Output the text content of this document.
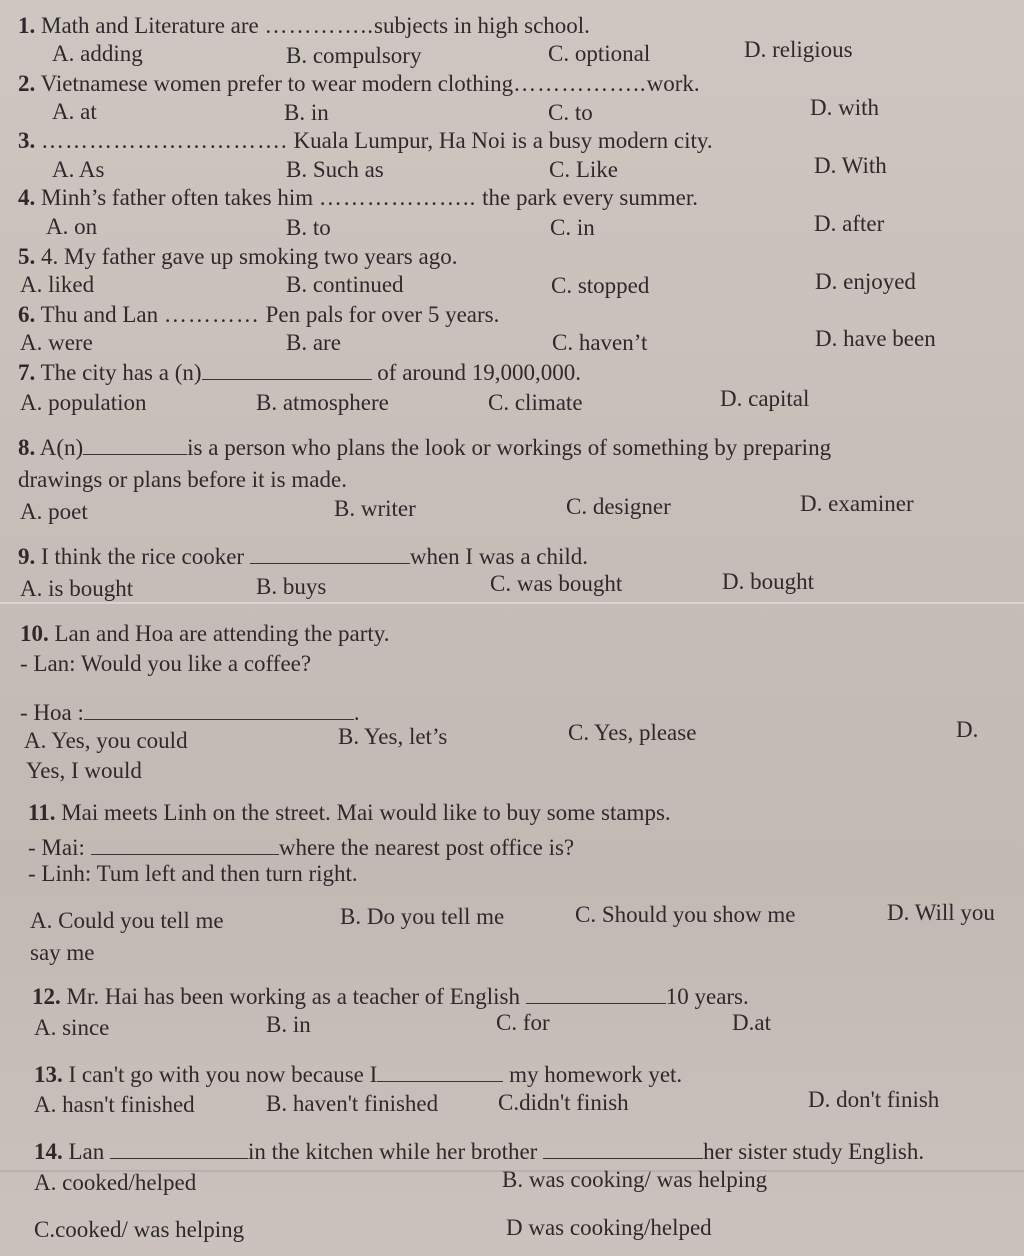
1. Math and Literature are …………..subjects in high school.
A. adding	B. compulsory	C. optional	D. religious
2. Vietnamese women prefer to wear modern clothing……………..work.
A. at	B. in	C. to	D. with
3. …………………………. Kuala Lumpur, Ha Noi is a busy modern city.
A. As	B. Such as	C. Like	D. With
4. Minh’s father often takes him ……………….. the park every summer.
A. on	B. to	C. in	D. after
5. 4. My father gave up smoking two years ago.
A. liked	B. continued	C. stopped	D. enjoyed
6. Thu and Lan ………… Pen pals for over 5 years.
A. were	B. are	C. haven’t	D. have been
7. The city has a (n)	of around 19,000,000.
A. population	B. atmosphere	C. climate	D. capital
8. A(n)	is a person who plans the look or workings of something by preparing
drawings or plans before it is made.
A. poet	B. writer	C. designer	D. examiner
9. I think the rice cooker	when I was a child.
A. is bought	B. buys	C. was bought	D. bought
10. Lan and Hoa are attending the party.
- Lan: Would you like a coffee?
- Hoa :	.
A. Yes, you could	B. Yes, let’s	C. Yes, please	D.
Yes, I would
11. Mai meets Linh on the street. Mai would like to buy some stamps.
- Mai:	where the nearest post office is?
- Linh: Tum left and then turn right.
A. Could you tell me	B. Do you tell me	C. Should you show me	D. Will you
say me
12. Mr. Hai has been working as a teacher of English	10 years.
A. since	B. in	C. for	D.at
13. I can't go with you now because I	my homework yet.
A. hasn't finished	B. haven't finished	C.didn't finish	D. don't finish
14. Lan	in the kitchen while her brother	her sister study English.
A. cooked/helped	B. was cooking/ was helping
C.cooked/ was helping	D was cooking/helped
